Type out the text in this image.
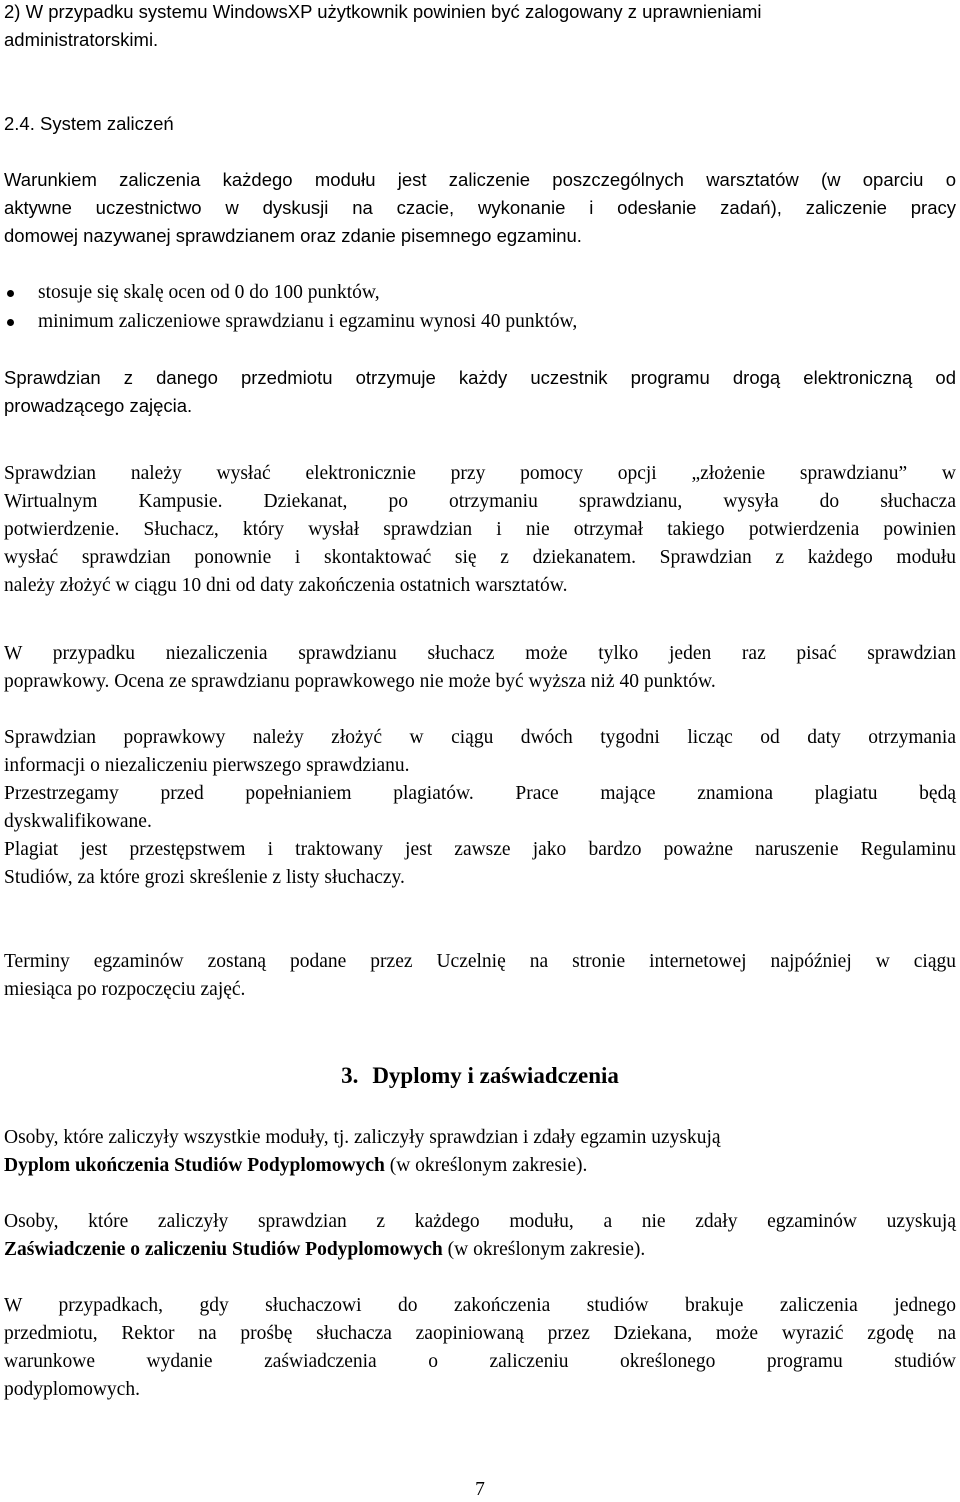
2) W przypadku systemu WindowsXP użytkownik powinien być zalogowany z uprawnieniami

administratorskimi.

2.4. System zaliczeń

Warunkiem zaliczenia każdego modułu jest zaliczenie poszczególnych warsztatów (w oparciu o

aktywne uczestnictwo w dyskusji na czacie, wykonanie i odesłanie zadań), zaliczenie pracy

domowej nazywanej sprawdzianem oraz zdanie pisemnego egzaminu.

stosuje się skalę ocen od 0 do 100 punktów,
minimum zaliczeniowe sprawdzianu i egzaminu wynosi 40 punktów,

Sprawdzian z danego przedmiotu otrzymuje każdy uczestnik programu drogą elektroniczną od

prowadzącego zajęcia.

Sprawdzian należy wysłać elektronicznie przy pomocy opcji „złożenie sprawdzianu” w

Wirtualnym Kampusie. Dziekanat, po otrzymaniu sprawdzianu, wysyła do słuchacza

potwierdzenie. Słuchacz, który wysłał sprawdzian i nie otrzymał takiego potwierdzenia powinien

wysłać sprawdzian ponownie i skontaktować się z dziekanatem. Sprawdzian z każdego modułu

należy złożyć w ciągu 10 dni od daty zakończenia ostatnich warsztatów.

W przypadku niezaliczenia sprawdzianu słuchacz może tylko jeden raz pisać sprawdzian

poprawkowy. Ocena ze sprawdzianu poprawkowego nie może być wyższa niż 40 punktów.

Sprawdzian poprawkowy należy złożyć w ciągu dwóch tygodni licząc od daty otrzymania

informacji o niezaliczeniu pierwszego sprawdzianu.

Przestrzegamy przed popełnianiem plagiatów. Prace mające znamiona plagiatu będą

dyskwalifikowane.

Plagiat jest przestępstwem i traktowany jest zawsze jako bardzo poważne naruszenie Regulaminu

Studiów, za które grozi skreślenie z listy słuchaczy.

Terminy egzaminów zostaną podane przez Uczelnię na stronie internetowej najpóźniej w ciągu

miesiąca po rozpoczęciu zajęć.

3. Dyplomy i zaświadczenia

Osoby, które zaliczyły wszystkie moduły, tj. zaliczyły sprawdzian i zdały egzamin uzyskują

Dyplom ukończenia Studiów Podyplomowych (w określonym zakresie).

Osoby, które zaliczyły sprawdzian z każdego modułu, a nie zdały egzaminów uzyskują

Zaświadczenie o zaliczeniu Studiów Podyplomowych (w określonym zakresie).

W przypadkach, gdy słuchaczowi do zakończenia studiów brakuje zaliczenia jednego

przedmiotu, Rektor na prośbę słuchacza zaopiniowaną przez Dziekana, może wyrazić zgodę na

warunkowe wydanie zaświadczenia o zaliczeniu określonego programu studiów

podyplomowych.

7
